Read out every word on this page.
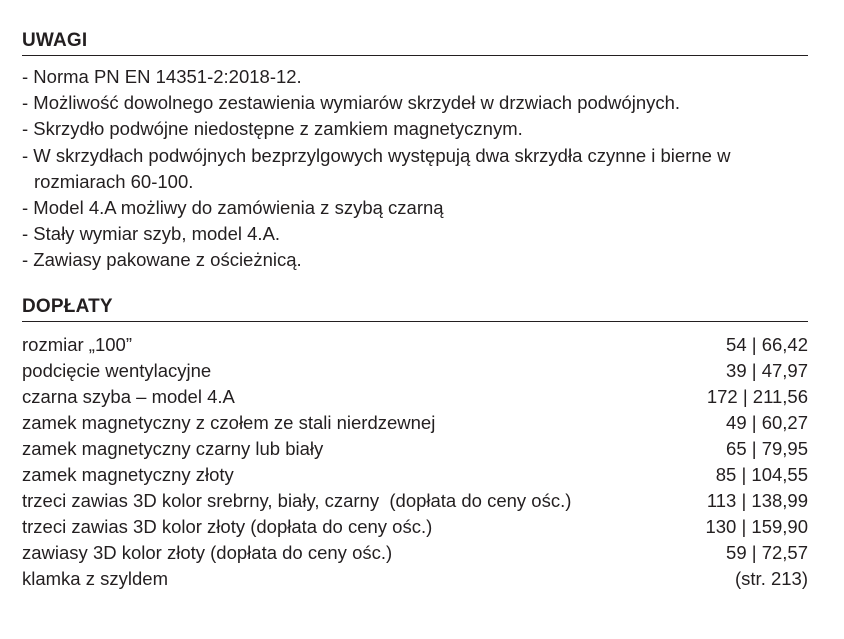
UWAGI
- Norma PN EN 14351-2:2018-12.
- Możliwość dowolnego zestawienia wymiarów skrzydeł w drzwiach podwójnych.
- Skrzydło podwójne niedostępne z zamkiem magnetycznym.
- W skrzydłach podwójnych bezprzylgowych występują dwa skrzydła czynne i bierne w rozmiarach 60-100.
- Model 4.A możliwy do zamówienia z szybą czarną
- Stały wymiar szyb, model 4.A.
- Zawiasy pakowane z ościeżnicą.
DOPŁATY
rozmiar „100”	54 | 66,42
podcięcie wentylacyjne	39 | 47,97
czarna szyba – model 4.A	172 | 211,56
zamek magnetyczny z czołem ze stali nierdzewnej	49 | 60,27
zamek magnetyczny czarny lub biały	65 | 79,95
zamek magnetyczny złoty	85 | 104,55
trzeci zawias 3D kolor srebrny, biały, czarny  (dopłata do ceny ośc.)	113 | 138,99
trzeci zawias 3D kolor złoty (dopłata do ceny ośc.)	130 | 159,90
zawiasy 3D kolor złoty (dopłata do ceny ośc.)	59 | 72,57
klamka z szyldem	(str. 213)
